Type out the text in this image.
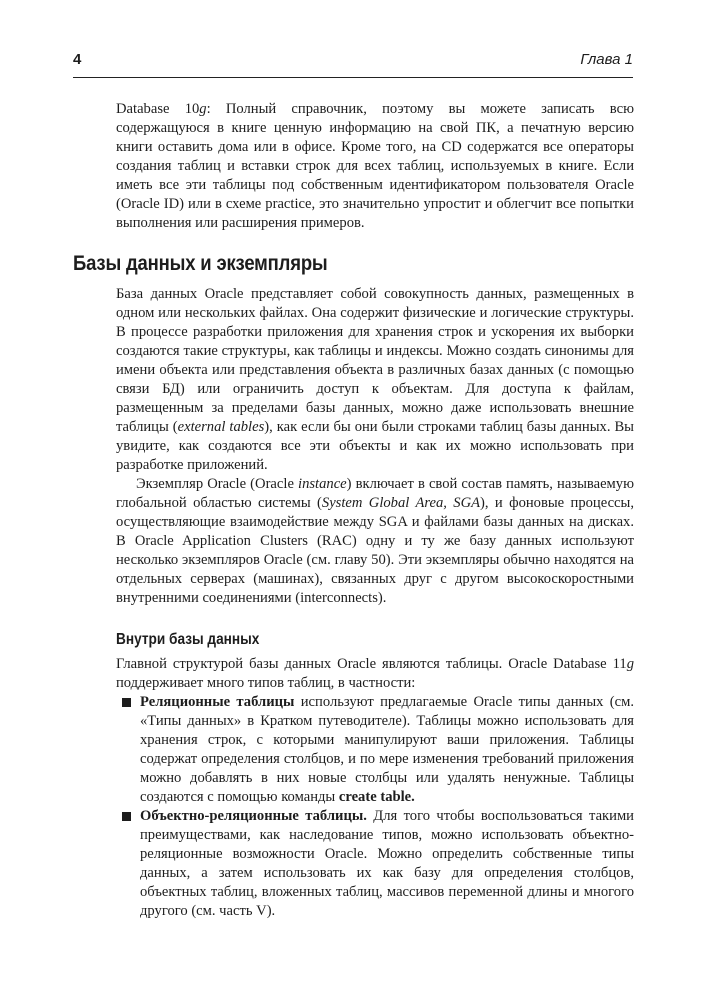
4	Глава 1
Database 10g: Полный справочник, поэтому вы можете записать всю содержащуюся в книге ценную информацию на свой ПК, а печатную версию книги оставить дома или в офисе. Кроме того, на CD содержатся все операторы создания таблиц и вставки строк для всех таблиц, используемых в книге. Если иметь все эти таблицы под собственным идентификатором пользователя Oracle (Oracle ID) или в схеме practice, это значительно упростит и облегчит все попытки выполнения или расширения примеров.
Базы данных и экземпляры
База данных Oracle представляет собой совокупность данных, размещенных в одном или нескольких файлах. Она содержит физические и логические структуры. В процессе разработки приложения для хранения строк и ускорения их выборки создаются такие структуры, как таблицы и индексы. Можно создать синонимы для имени объекта или представления объекта в различных базах данных (с помощью связи БД) или ограничить доступ к объектам. Для доступа к файлам, размещенным за пределами базы данных, можно даже использовать внешние таблицы (external tables), как если бы они были строками таблиц базы данных. Вы увидите, как создаются все эти объекты и как их можно использовать при разработке приложений.
Экземпляр Oracle (Oracle instance) включает в свой состав память, называемую глобальной областью системы (System Global Area, SGA), и фоновые процессы, осуществляющие взаимодействие между SGA и файлами базы данных на дисках. В Oracle Application Clusters (RAC) одну и ту же базу данных используют несколько экземпляров Oracle (см. главу 50). Эти экземпляры обычно находятся на отдельных серверах (машинах), связанных друг с другом высокоскоростными внутренними соединениями (interconnects).
Внутри базы данных
Главной структурой базы данных Oracle являются таблицы. Oracle Database 11g поддерживает много типов таблиц, в частности:
Реляционные таблицы используют предлагаемые Oracle типы данных (см. «Типы данных» в Кратком путеводителе). Таблицы можно использовать для хранения строк, с которыми манипулируют ваши приложения. Таблицы содержат определения столбцов, и по мере изменения требований приложения можно добавлять в них новые столбцы или удалять ненужные. Таблицы создаются с помощью команды create table.
Объектно-реляционные таблицы. Для того чтобы воспользоваться такими преимуществами, как наследование типов, можно использовать объектно-реляционные возможности Oracle. Можно определить собственные типы данных, а затем использовать их как базу для определения столбцов, объектных таблиц, вложенных таблиц, массивов переменной длины и многого другого (см. часть V).
